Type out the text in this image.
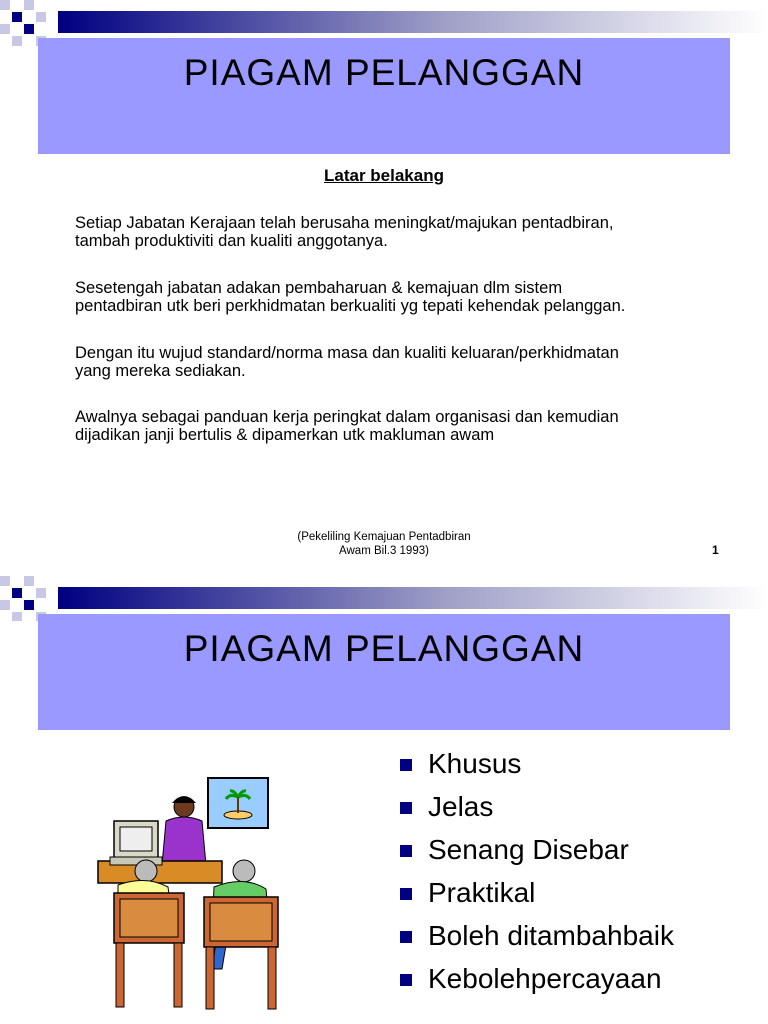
PIAGAM PELANGGAN
Latar belakang
Setiap Jabatan Kerajaan telah berusaha meningkat/majukan pentadbiran,
tambah produktiviti dan kualiti anggotanya.
Sesetengah jabatan adakan pembaharuan & kemajuan dlm sistem
pentadbiran utk beri perkhidmatan berkualiti yg tepati kehendak pelanggan.
Dengan itu wujud standard/norma masa dan kualiti keluaran/perkhidmatan
yang mereka sediakan.
Awalnya sebagai panduan kerja peringkat dalam organisasi dan kemudian
dijadikan janji bertulis & dipamerkan utk makluman awam
(Pekeliling Kemajuan Pentadbiran
Awam Bil.3 1993)	1
PIAGAM PELANGGAN
Khusus
Jelas
Senang Disebar
Praktikal
Boleh ditambahbaik
Kebolehpercayaan
